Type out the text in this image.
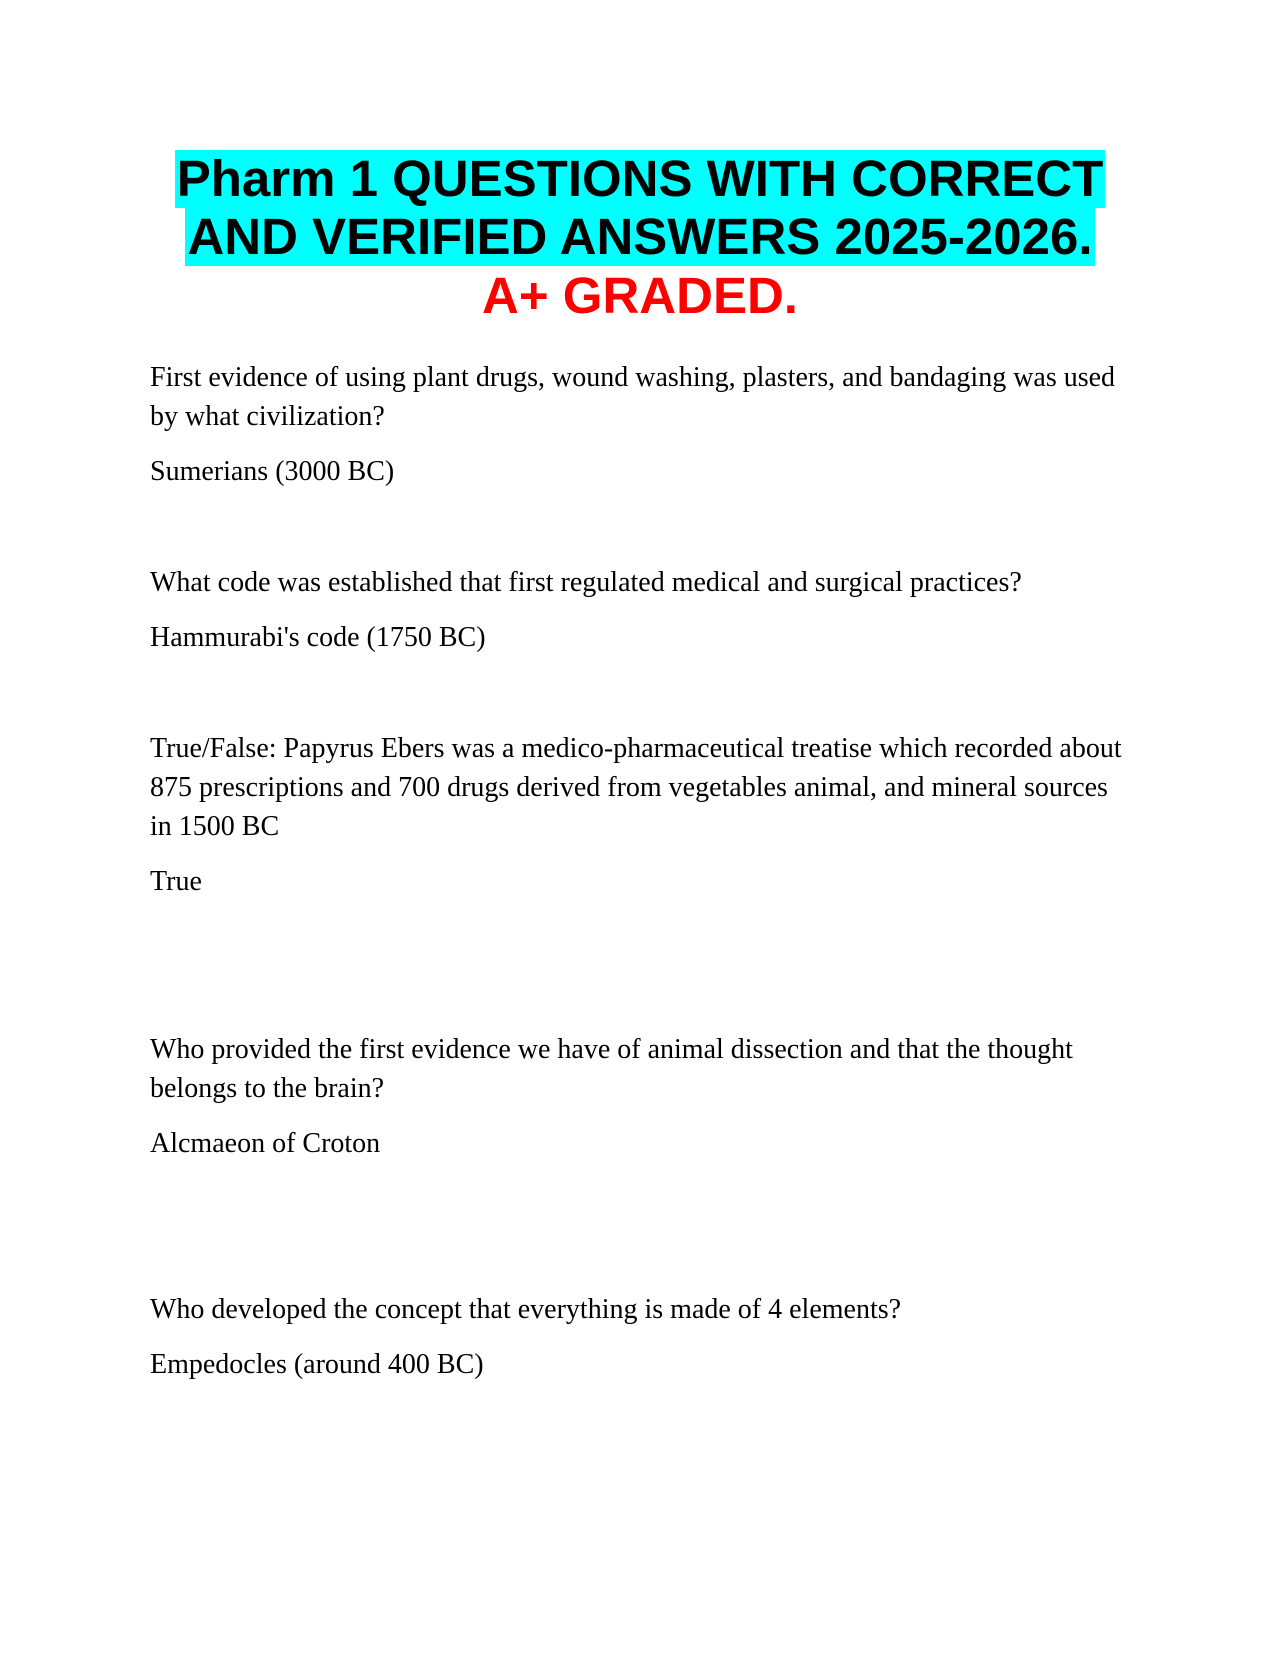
Pharm 1 QUESTIONS WITH CORRECT
AND VERIFIED ANSWERS 2025-2026.
A+ GRADED.

First evidence of using plant drugs, wound washing, plasters, and bandaging was used by what civilization?

Sumerians (3000 BC)

What code was established that first regulated medical and surgical practices?

Hammurabi's code (1750 BC)

True/False: Papyrus Ebers was a medico-pharmaceutical treatise which recorded about 875 prescriptions and 700 drugs derived from vegetables animal, and mineral sources in 1500 BC

True

Who provided the first evidence we have of animal dissection and that the thought belongs to the brain?

Alcmaeon of Croton

Who developed the concept that everything is made of 4 elements?

Empedocles (around 400 BC)
